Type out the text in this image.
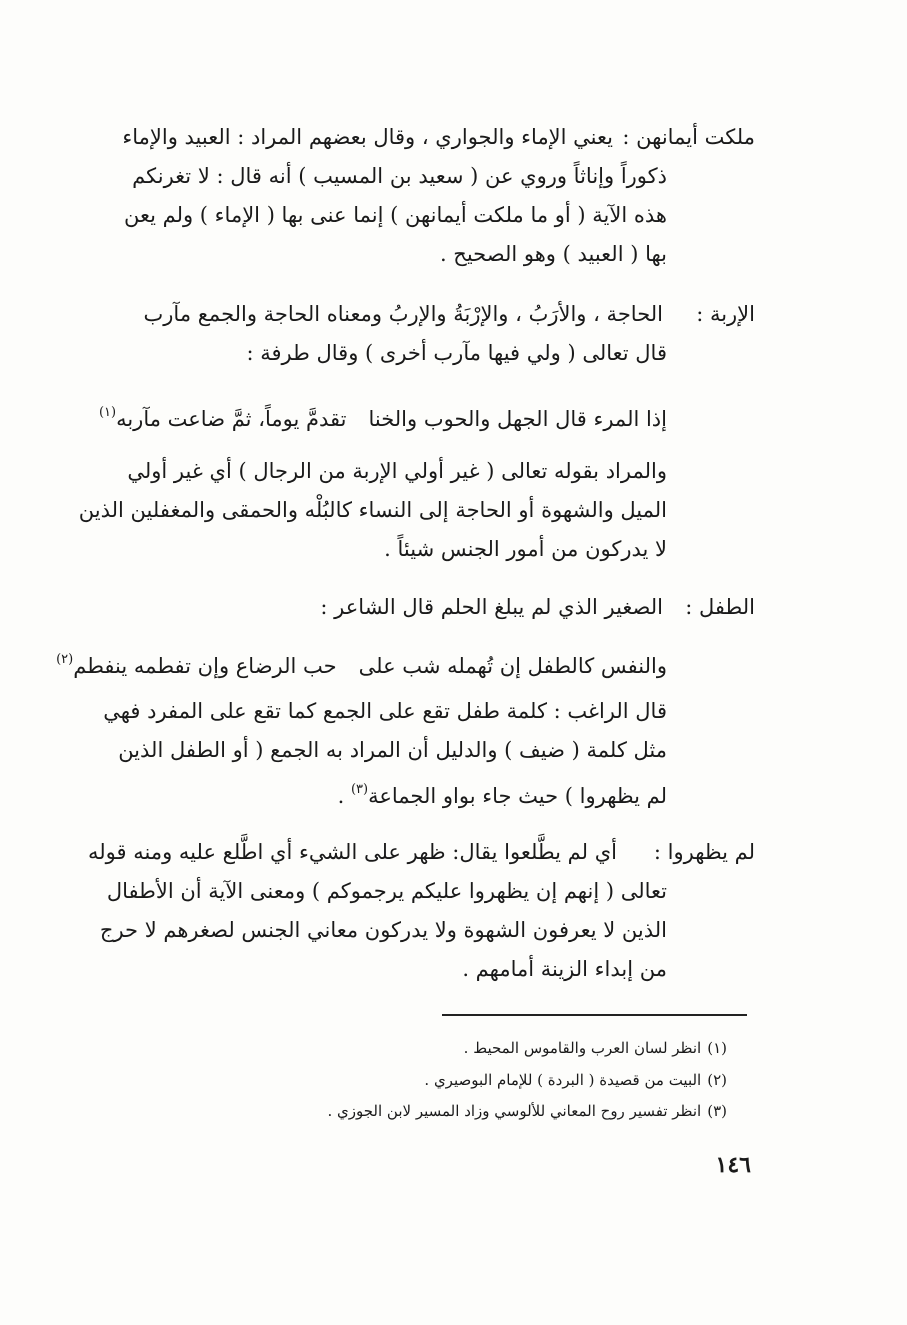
ملكت أيمانهن :
يعني الإماء والجواري ، وقال بعضهم المراد : العبيد والإماء
ذكوراً وإناثاً وروي عن ( سعيد بن المسيب ) أنه قال : لا تغرنكم
هذه الآية ( أو ما ملكت أيمانهن ) إنما عنى بها ( الإماء ) ولم يعن
بها ( العبيد ) وهو الصحيح .
الإربة :
الحاجة ، والأرَبُ ، والإرْبَةُ والإربُ ومعناه الحاجة والجمع مآرب
قال تعالى ( ولي فيها مآرب أخرى ) وقال طرفة :
إذا المرء قال الجهل والحوب والخناتقدمَّ يوماً، ثمَّ ضاعت مآربه$^{(١)}$
والمراد بقوله تعالى ( غير أولي الإربة من الرجال ) أي غير أولي
الميل والشهوة أو الحاجة إلى النساء كالبُلْه والحمقى والمغفلين الذين
لا يدركون من أمور الجنس شيئاً .
الطفل :
الصغير الذي لم يبلغ الحلم قال الشاعر :
والنفس كالطفل إن تُهمله شب علىحب الرضاع وإن تفطمه ينفطم$^{(٢)}$
قال الراغب : كلمة طفل تقع على الجمع كما تقع على المفرد فهي
مثل كلمة ( ضيف ) والدليل أن المراد به الجمع ( أو الطفل الذين
لم يظهروا ) حيث جاء بواو الجماعة$^{(٣)}$ .
لم يظهروا :
أي لم يطَّلعوا يقال: ظهر على الشيء أي اطَّلع عليه ومنه قوله
تعالى ( إنهم إن يظهروا عليكم يرجموكم ) ومعنى الآية أن الأطفال
الذين لا يعرفون الشهوة ولا يدركون معاني الجنس لصغرهم لا حرج
من إبداء الزينة أمامهم .
(١)انظر لسان العرب والقاموس المحيط .
(٢)البيت من قصيدة ( البردة ) للإمام البوصيري .
(٣)انظر تفسير روح المعاني للألوسي وزاد المسير لابن الجوزي .
١٤٦
